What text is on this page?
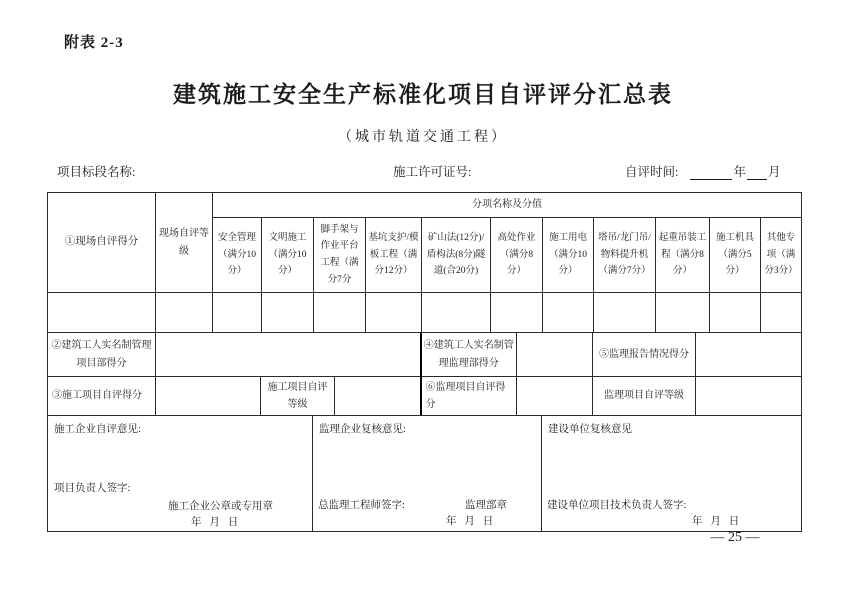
附表 2-3
建筑施工安全生产标准化项目自评评分汇总表
（城市轨道交通工程）
项目标段名称:	施工许可证号:	自评时间:	年 月
①现场自评得分	现场自评等级	分项名称及分值										
		安全管理（满分10分）	文明施工（满分10分）	脚手架与作业平台工程（满分7分	基坑支护/模板工程（满分12分）	矿山法(12分)/盾构法(8分)隧道(合20分)	高处作业（满分8分）	施工用电（满分10分）	塔吊/龙门吊/物料提升机（满分7分）	起重吊装工程（满分8分）	施工机具（满分5分）	其他专项（满分3分）

②建筑工人实名制管理项目部得分				④建筑工人实名制管理监理部得分		⑤监理报告情况得分	
③施工项目自评得分		施工项目自评等级		⑥监理项目自评得分		监理项目自评等级	
施工企业自评意见:
项目负责人签字:
施工企业公章或专用章
年   月   日

监理企业复核意见:
总监理工程师签字:	监理部章
年   月   日

建设单位复核意见
建设单位项目技术负责人签字:
年   月   日
— 25 —
